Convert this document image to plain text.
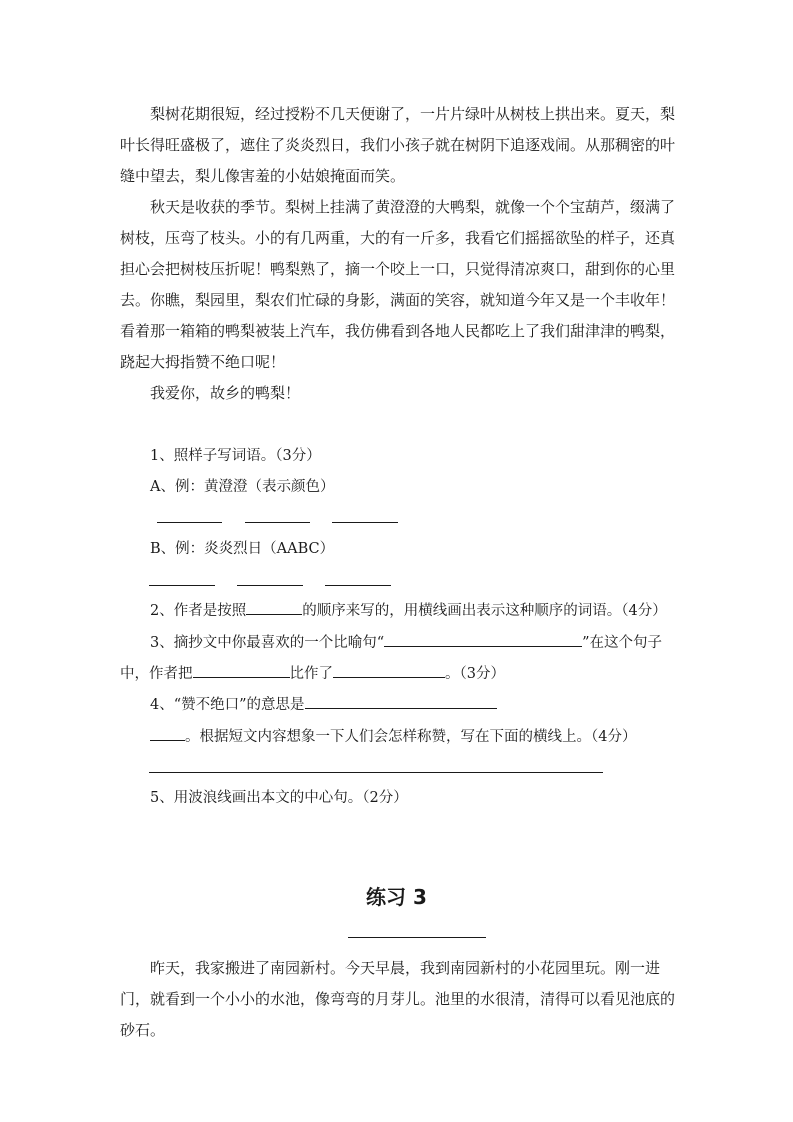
梨树花期很短，经过授粉不几天便谢了，一片片绿叶从树枝上拱出来。夏天，梨叶长得旺盛极了，遮住了炎炎烈日，我们小孩子就在树阴下追逐戏闹。从那稠密的叶缝中望去，梨儿像害羞的小姑娘掩面而笑。

秋天是收获的季节。梨树上挂满了黄澄澄的大鸭梨，就像一个个宝葫芦，缀满了树枝，压弯了枝头。小的有几两重，大的有一斤多，我看它们摇摇欲坠的样子，还真担心会把树枝压折呢！鸭梨熟了，摘一个咬上一口，只觉得清凉爽口，甜到你的心里去。你瞧，梨园里，梨农们忙碌的身影，满面的笑容，就知道今年又是一个丰收年！看着那一箱箱的鸭梨被装上汽车，我仿佛看到各地人民都吃上了我们甜津津的鸭梨，跷起大拇指赞不绝口呢！

我爱你，故乡的鸭梨！

1、照样子写词语。（3分）

A、例：黄澄澄（表示颜色）

B、例：炎炎烈日（AABC）

2、作者是按照	的顺序来写的，用横线画出表示这种顺序的词语。（4分）

3、摘抄文中你最喜欢的一个比喻句“	”在这个句子

中，作者把	比作了	。（3分）

4、“赞不绝口”的意思是

。根据短文内容想象一下人们会怎样称赞，写在下面的横线上。（4分）

5、用波浪线画出本文的中心句。（2分）

练习 3

昨天，我家搬进了南园新村。今天早晨，我到南园新村的小花园里玩。刚一进门，就看到一个小小的水池，像弯弯的月芽儿。池里的水很清，清得可以看见池底的砂石。
